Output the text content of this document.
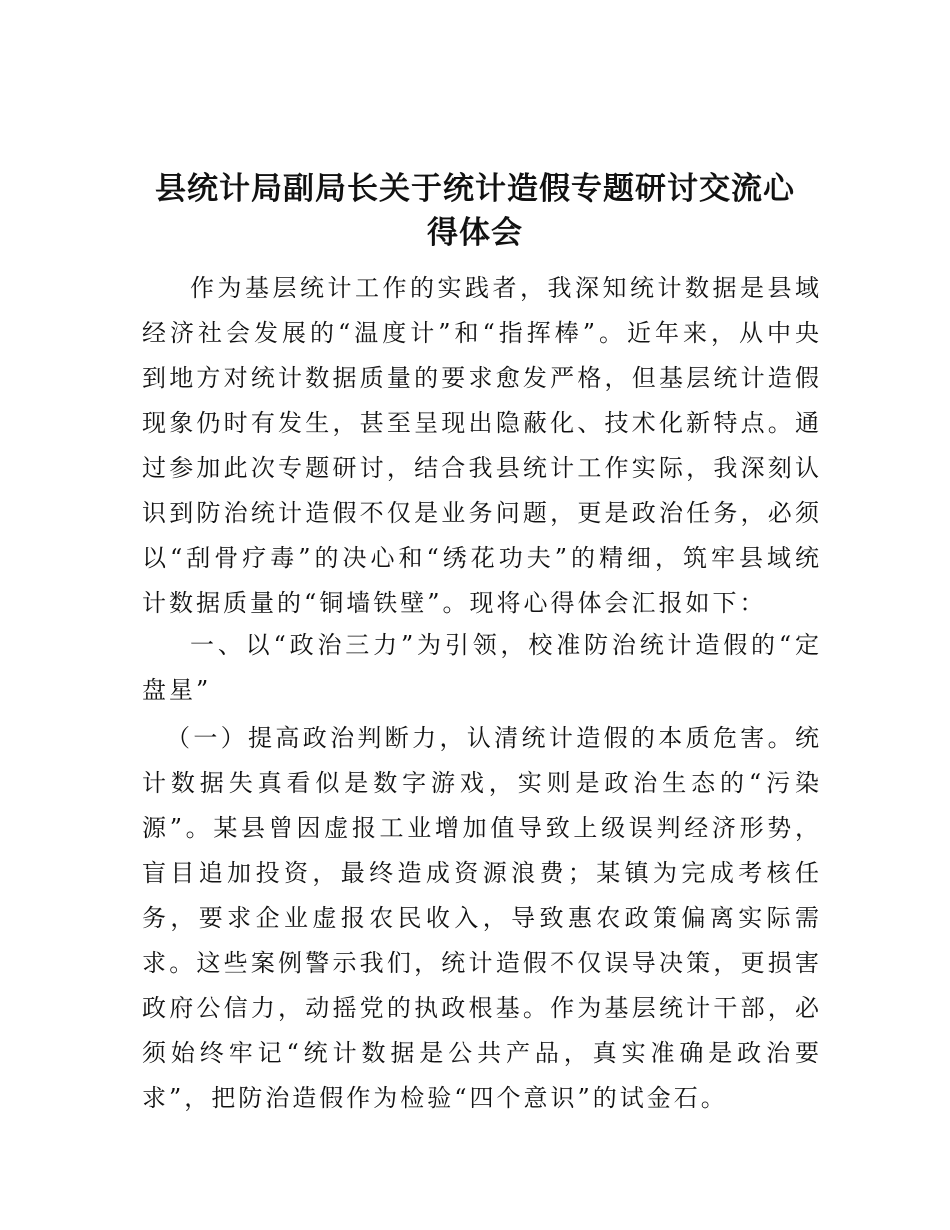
县统计局副局长关于统计造假专题研讨交流心
得体会
作为基层统计工作的实践者，我深知统计数据是县域经济社会发展的“温度计”和“指挥棒”。近年来，从中央到地方对统计数据质量的要求愈发严格，但基层统计造假现象仍时有发生，甚至呈现出隐蔽化、技术化新特点。通过参加此次专题研讨，结合我县统计工作实际，我深刻认识到防治统计造假不仅是业务问题，更是政治任务，必须以“刮骨疗毒”的决心和“绣花功夫”的精细，筑牢县域统计数据质量的“铜墙铁壁”。现将心得体会汇报如下：
一、以“政治三力”为引领，校准防治统计造假的“定盘星”
（一）提高政治判断力，认清统计造假的本质危害。统计数据失真看似是数字游戏，实则是政治生态的“污染源”。某县曾因虚报工业增加值导致上级误判经济形势，盲目追加投资，最终造成资源浪费；某镇为完成考核任务，要求企业虚报农民收入，导致惠农政策偏离实际需求。这些案例警示我们，统计造假不仅误导决策，更损害政府公信力，动摇党的执政根基。作为基层统计干部，必须始终牢记“统计数据是公共产品，真实准确是政治要求”，把防治造假作为检验“四个意识”的试金石。
